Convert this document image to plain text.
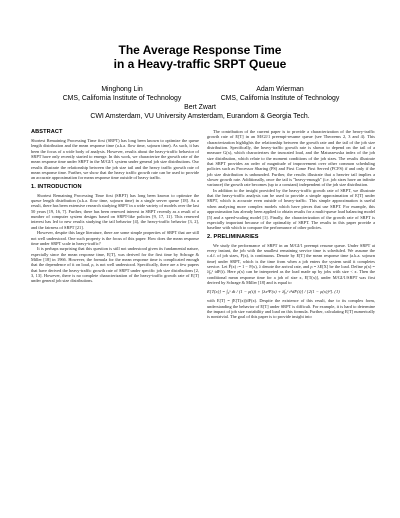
The Average Response Time
in a Heavy-traffic SRPT Queue
Minghong Lin
CMS, California Institute of Technology
Adam Wierman
CMS, California Institute of Technology
Bert Zwart
CWI Amsterdam, VU University Amsterdam, Eurandom & Georgia Tech.
ABSTRACT

Shortest Remaining Processing Time first (SRPT) has long been known to optimize the queue length distribution and the mean response time (a.k.a. flow time, sojourn time). As such, it has been the focus of a wide body of analysis. However, results about the heavy-traffic behavior of SRPT have only recently started to emerge. In this work, we characterize the growth rate of the mean response time under SRPT in the M/GI/1 system under general job size distributions. Our results illustrate the relationship between the job size tail and the heavy traffic growth rate of mean response time. Further, we show that the heavy traffic growth rate can be used to provide an accurate approximation for mean response time outside of heavy traffic.

1. INTRODUCTION

Shortest Remaining Processing Time first (SRPT) has long been known to optimize the queue length distribution (a.k.a. flow time, sojourn time) in a single server queue [18]. As a result, there has been extensive research studying SRPT in a wide variety of models over the last 50 years [19, 16, 7]. Further, there has been renewed interest in SRPT recently as a result of a number of computer system designs based on SRPT-like policies [9, 17, 11]. This renewed interest has led to new results studying the tail behavior [4], the heavy-traffic behavior [3, 2], and the fairness of SRPT [21].

However, despite this large literature, there are some simple properties of SRPT that are still not well understood. One such property is the focus of this paper: How does the mean response time under SRPT scale in heavy-traffic?

It is perhaps surprising that this question is still not understood given its fundamental nature, especially since the mean response time, E[T], was derived for the first time by Schrage & Miller [18] in 1966. However, the formula for the mean response time is complicated enough that the dependence of it on load, ρ, is not well understood. Specifically, there are a few papers that have derived the heavy-traffic growth rate of SRPT under specific job size distributions [2, 3, 13]. However, there is no complete characterization of the heavy-traffic growth rate of E[T] under general job size distributions.

The contribution of the current paper is to provide a characterization of the heavy-traffic growth rate of E[T] in an M/GI/1 preempt-resume queue (see Theorems 2, 3 and 4). This characterization highlights the relationship between the growth rate and the tail of the job size distribution. Specifically, the heavy-traffic growth rate is shown to depend on the tail of a measure G(x), which characterizes the truncated load, and the Matuszewska index of the job size distribution, which relate to the moment conditions of the job sizes. The results illustrate that SRPT provides an order of magnitude of improvement over other common scheduling policies such as Processor Sharing (PS) and First Come First Served (FCFS) if and only if the job size distribution is unbounded. Further, the results illustrate that a heavier tail implies a slower growth rate. Additionally, once the tail is "heavy-enough" (i.e. job sizes have an infinite variance) the growth rate becomes (up to a constant) independent of the job size distribution.

In addition to the insight provided by the heavy-traffic growth rate of SRPT, we illustrate that the heavy-traffic analysis can be used to provide a simple approximation of E[T] under SRPT, which is accurate even outside of heavy-traffic. This simple approximation is useful when analyzing more complex models which have pieces that use SRPT. For example, this approximation has already been applied to obtain results for a multi-queue load balancing model [5] and a speed-scaling model [1]. Finally, the characterization of the growth rate of SRPT is especially important because of the optimality of SRPT. The results in this paper provide a baseline with which to compare the performance of other policies.

2. PRELIMINARIES

We study the performance of SRPT in an M/GI/1 preempt resume queue. Under SRPT at every instant, the job with the smallest remaining service time is scheduled. We assume the c.d.f. of job sizes, F(x), is continuous. Denote by E[T] the mean response time (a.k.a. sojourn time) under SRPT, which is the time from when a job enters the system until it completes service. Let F̄(x) := 1 − F(x), λ denote the arrival rate, and ρ = λE[X] be the load. Define ρ(x) = λ∫₀ˣ tdF(t). Here ρ(x) can be interpreted as the load made up by jobs with size < x. Then the conditional mean response time for a job of size x, E[T(x)], under M/GI/1/SRPT was first derived by Schrage & Miller [18] and is equal to

E[T(x)] = ∫₀ˣ dt / (1 − ρ(t)) + [λx²F̄(x) + λ∫₀ˣ t²dF(t)] / [2(1 − ρ(x))²]. (1)

with E[T] = ∫E[T(x)]dF(x). Despite the existence of this result, due to its complex form, understanding the behavior of E[T] under SRPT is difficult. For example, it is hard to determine the impact of job size variability and load on this formula. Further, calculating E[T] numerically is nontrivial. The goal of this paper is to provide insight into
